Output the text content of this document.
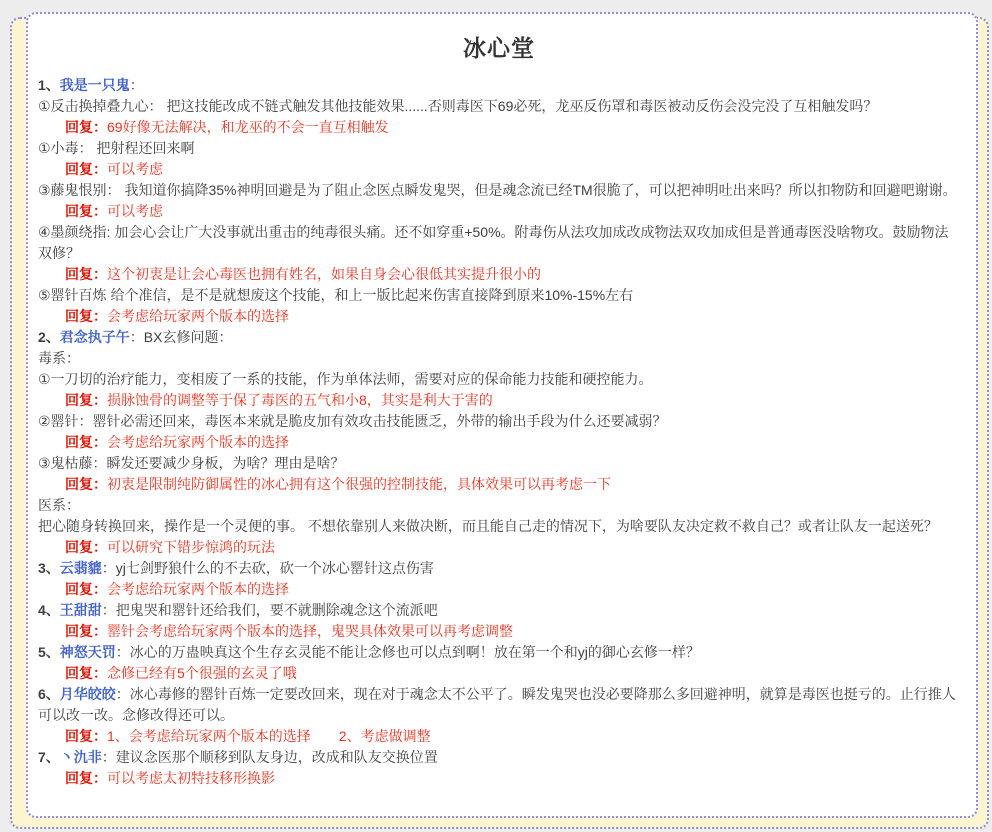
冰心堂
1、我是一只鬼：
①反击换掉叠九心： 把这技能改成不链式触发其他技能效果......否则毒医下69必死，龙巫反伤罩和毒医被动反伤会没完没了互相触发吗？
回复：69好像无法解决，和龙巫的不会一直互相触发
①小毒： 把射程还回来啊
回复：可以考虑
③藤鬼恨别： 我知道你搞降35%神明回避是为了阻止念医点瞬发鬼哭，但是魂念流已经TM很脆了，可以把神明吐出来吗？所以扣物防和回避吧谢谢。
回复：可以考虑
④墨颜绕指: 加会心会让广大没事就出重击的纯毒很头痛。还不如穿重+50%。附毒伤从法攻加成改成物法双攻加成但是普通毒医没啥物攻。鼓励物法双修？
回复：这个初衷是让会心毒医也拥有姓名，如果自身会心很低其实提升很小的
⑤罂针百炼 给个准信，是不是就想废这个技能，和上一版比起来伤害直接降到原来10%-15%左右
回复：会考虑给玩家两个版本的选择
2、君念执子午：BX玄修问题：
毒系：
①一刀切的治疗能力，变相废了一系的技能，作为单体法师，需要对应的保命能力技能和硬控能力。
回复：损脉蚀骨的调整等于保了毒医的五气和小8，其实是利大于害的
②罂针：罂针必需还回来，毒医本来就是脆皮加有效攻击技能匮乏，外带的输出手段为什么还要减弱？
回复：会考虑给玩家两个版本的选择
③鬼枯藤：瞬发还要减少身板，为啥？理由是啥？
回复：初衷是限制纯防御属性的冰心拥有这个很强的控制技能，具体效果可以再考虑一下
医系：
把心随身转换回来，操作是一个灵便的事。 不想依靠别人来做决断，而且能自己走的情况下，为啥要队友决定救不救自己？或者让队友一起送死？
回复：可以研究下错步惊鸿的玩法
3、云翡貔：yj七剑野狼什么的不去砍，砍一个冰心罂针这点伤害
回复：会考虑给玩家两个版本的选择
4、王甜甜：把鬼哭和罂针还给我们，要不就删除魂念这个流派吧
回复：罂针会考虑给玩家两个版本的选择，鬼哭具体效果可以再考虑调整
5、神怒天罚：冰心的万蛊映真这个生存玄灵能不能让念修也可以点到啊！放在第一个和yj的御心玄修一样？
回复：念修已经有5个很强的玄灵了哦
6、月华皎皎：冰心毒修的罂针百炼一定要改回来，现在对于魂念太不公平了。瞬发鬼哭也没必要降那么多回避神明，就算是毒医也挺亏的。止行推人可以改一改。念修改得还可以。
回复：1、会考虑给玩家两个版本的选择　　2、考虑做调整
7、丶氿非：建议念医那个顺移到队友身边，改成和队友交换位置
回复：可以考虑太初特技移形换影
